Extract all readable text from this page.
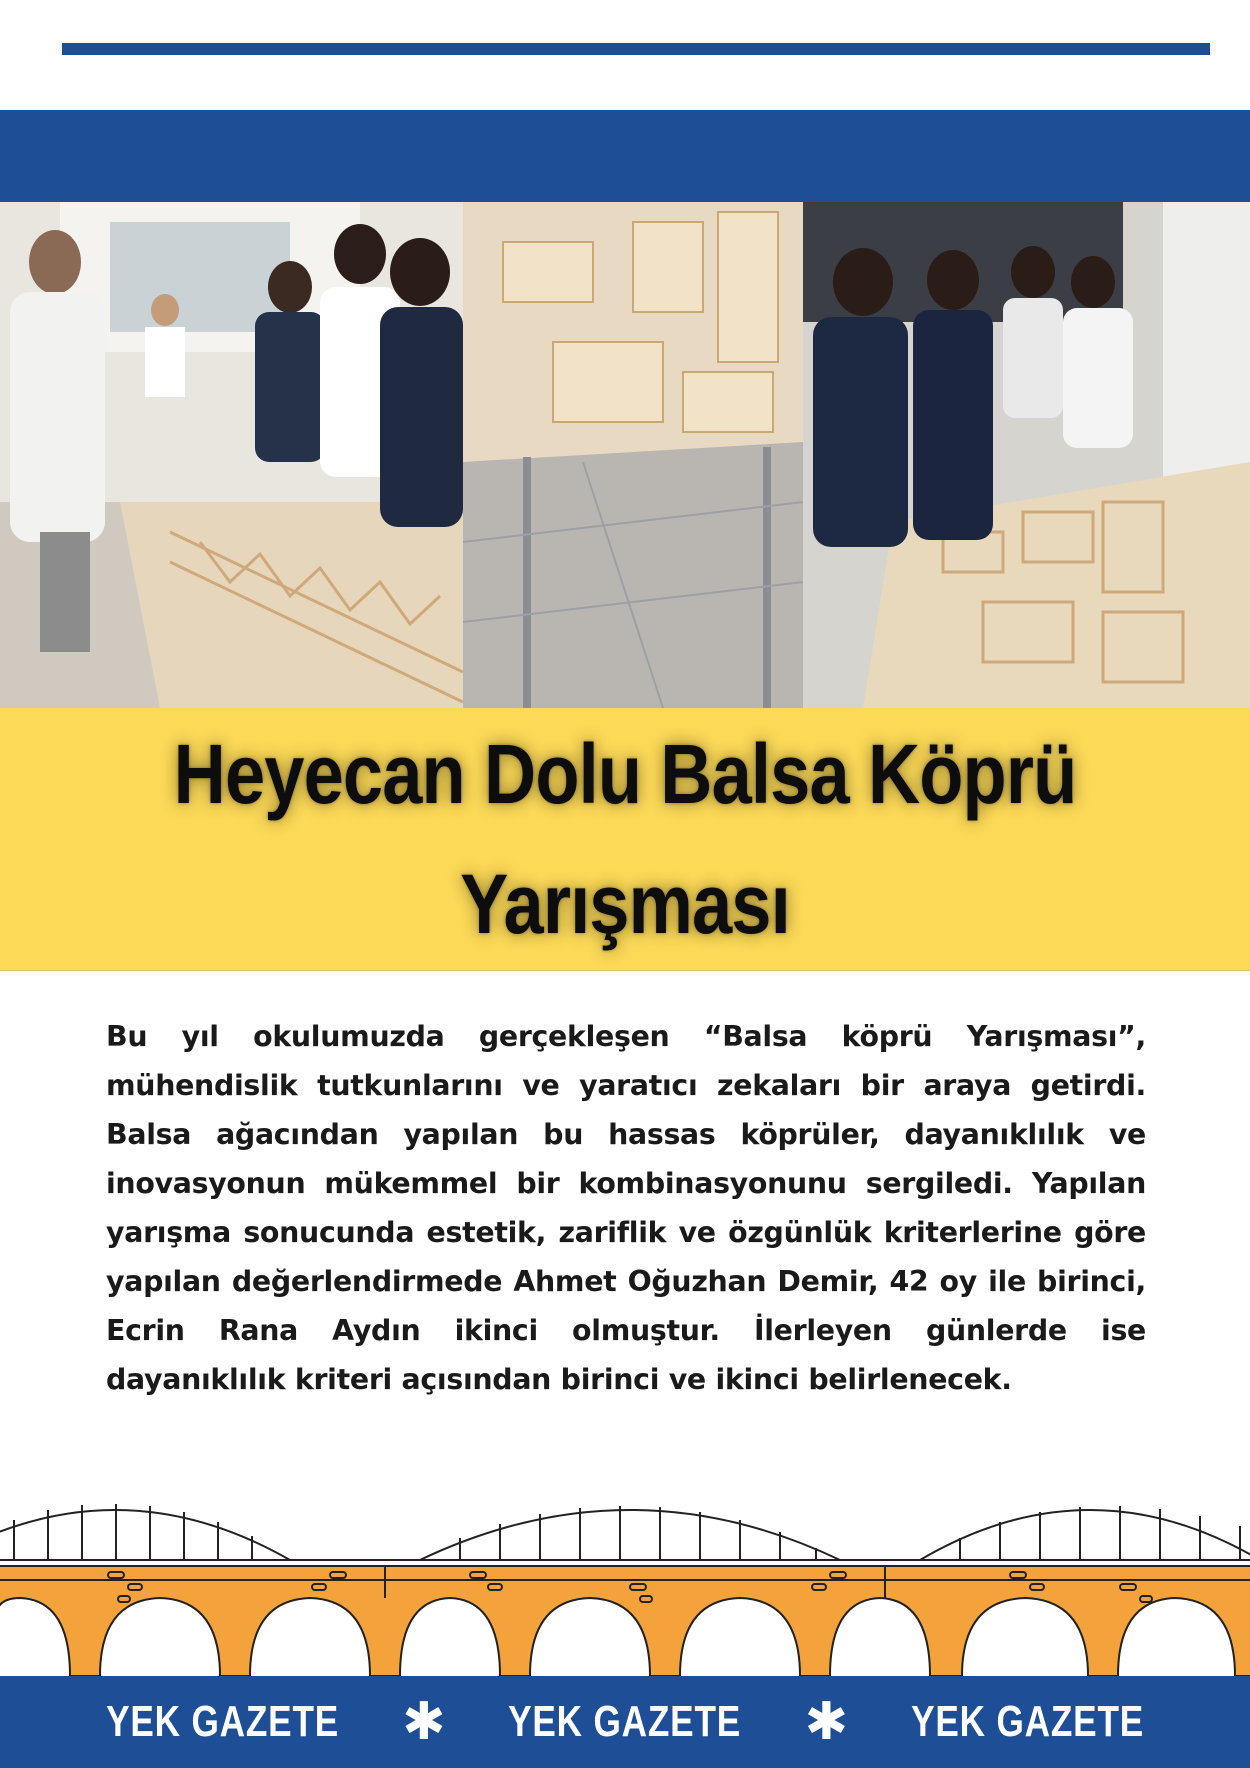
Heyecan Dolu Balsa Köprü Yarışması

Bu yıl okulumuzda gerçekleşen “Balsa köprü Yarışması”, mühendislik tutkunlarını ve yaratıcı zekaları bir araya getirdi. Balsa ağacından yapılan bu hassas köprüler, dayanıklılık ve inovasyonun mükemmel bir kombinasyonunu sergiledi. Yapılan yarışma sonucunda estetik, zariflik ve özgünlük kriterlerine göre yapılan değerlendirmede Ahmet Oğuzhan Demir, 42 oy ile birinci, Ecrin Rana Aydın ikinci olmuştur. İlerleyen günlerde ise dayanıklılık kriteri açısından birinci ve ikinci belirlenecek.

YEK GAZETE ✱ YEK GAZETE ✱ YEK GAZETE
